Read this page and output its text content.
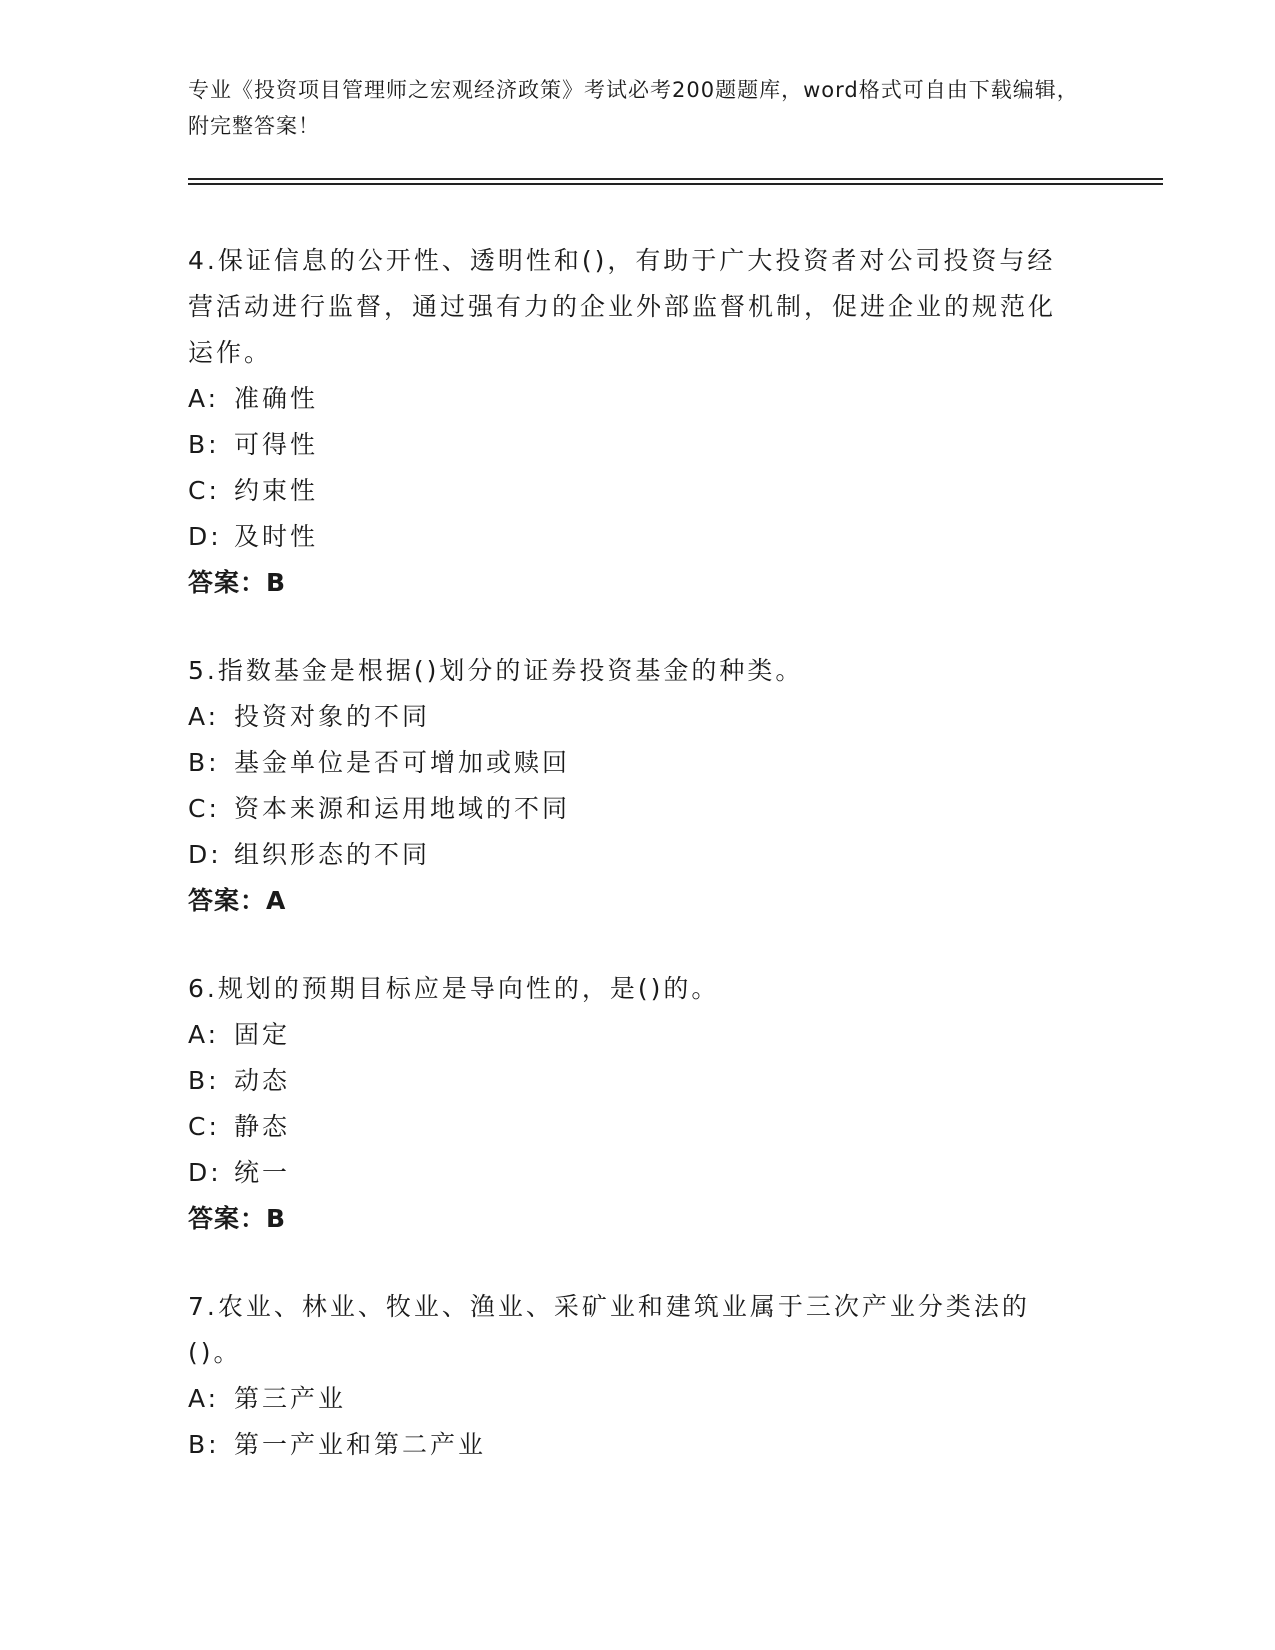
专业《投资项目管理师之宏观经济政策》考试必考200题题库，word格式可自由下载编辑，附完整答案！
4.保证信息的公开性、透明性和()，有助于广大投资者对公司投资与经营活动进行监督，通过强有力的企业外部监督机制，促进企业的规范化运作。
A: 准确性
B: 可得性
C: 约束性
D: 及时性
答案：B
5.指数基金是根据()划分的证券投资基金的种类。
A: 投资对象的不同
B: 基金单位是否可增加或赎回
C: 资本来源和运用地域的不同
D: 组织形态的不同
答案：A
6.规划的预期目标应是导向性的，是()的。
A: 固定
B: 动态
C: 静态
D: 统一
答案：B
7.农业、林业、牧业、渔业、采矿业和建筑业属于三次产业分类法的()。
A: 第三产业
B: 第一产业和第二产业
